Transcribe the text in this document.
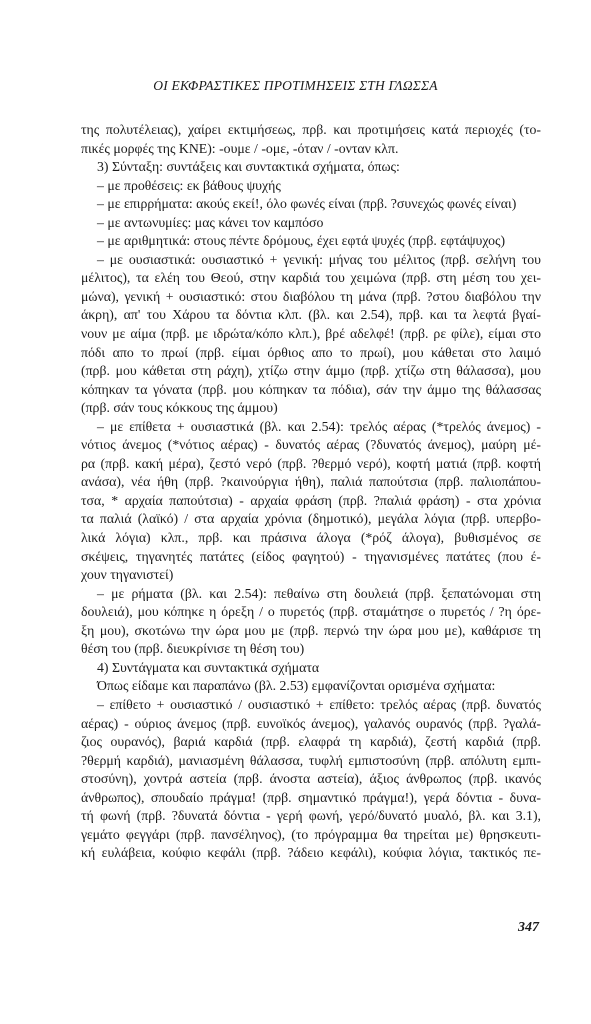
ΟΙ ΕΚΦΡΑΣΤΙΚΕΣ ΠΡΟΤΙΜΗΣΕΙΣ ΣΤΗ ΓΛΩΣΣΑ
της πολυτέλειας), χαίρει εκτιμήσεως, πρβ. και προτιμήσεις κατά περιοχές (το-
πικές μορφές της ΚΝΕ): -ουμε / -ομε, -όταν / -ονταν κλπ.
3) Σύνταξη: συντάξεις και συντακτικά σχήματα, όπως:
– με προθέσεις: εκ βάθους ψυχής
– με επιρρήματα: ακούς εκεί!, όλο φωνές είναι (πρβ. ?συνεχώς φωνές είναι)
– με αντωνυμίες: μας κάνει τον καμπόσο
– με αριθμητικά: στους πέντε δρόμους, έχει εφτά ψυχές (πρβ. εφτάψυχος)
– με ουσιαστικά: ουσιαστικό + γενική: μήνας του μέλιτος (πρβ. σελήνη του
μέλιτος), τα ελέη του Θεού, στην καρδιά του χειμώνα (πρβ. στη μέση του χει-
μώνα), γενική + ουσιαστικό: στου διαβόλου τη μάνα (πρβ. ?στου διαβόλου την
άκρη), απ' του Χάρου τα δόντια κλπ. (βλ. και 2.54), πρβ. και τα λεφτά βγαί-
νουν με αίμα (πρβ. με ιδρώτα/κόπο κλπ.), βρέ αδελφέ! (πρβ. ρε φίλε), είμαι στο
πόδι απο το πρωί (πρβ. είμαι όρθιος απο το πρωί), μου κάθεται στο λαιμό
(πρβ. μου κάθεται στη ράχη), χτίζω στην άμμο (πρβ. χτίζω στη θάλασσα), μου
κόπηκαν τα γόνατα (πρβ. μου κόπηκαν τα πόδια), σάν την άμμο της θάλασσας
(πρβ. σάν τους κόκκους της άμμου)
– με επίθετα + ουσιαστικά (βλ. και 2.54): τρελός αέρας (*τρελός άνεμος) -
νότιος άνεμος (*νότιος αέρας) - δυνατός αέρας (?δυνατός άνεμος), μαύρη μέ-
ρα (πρβ. κακή μέρα), ζεστό νερό (πρβ. ?θερμό νερό), κοφτή ματιά (πρβ. κοφτή
ανάσα), νέα ήθη (πρβ. ?καινούργια ήθη), παλιά παπούτσια (πρβ. παλιοπάπου-
τσα, * αρχαία παπούτσια) - αρχαία φράση (πρβ. ?παλιά φράση) - στα χρόνια
τα παλιά (λαϊκό) / στα αρχαία χρόνια (δημοτικό), μεγάλα λόγια (πρβ. υπερβο-
λικά λόγια) κλπ., πρβ. και πράσινα άλογα (*ρόζ άλογα), βυθισμένος σε
σκέψεις, τηγανητές πατάτες (είδος φαγητού) - τηγανισμένες πατάτες (που έ-
χουν τηγανιστεί)
– με ρήματα (βλ. και 2.54): πεθαίνω στη δουλειά (πρβ. ξεπατώνομαι στη
δουλειά), μου κόπηκε η όρεξη / ο πυρετός (πρβ. σταμάτησε ο πυρετός / ?η όρε-
ξη μου), σκοτώνω την ώρα μου με (πρβ. περνώ την ώρα μου με), καθάρισε τη
θέση του (πρβ. διευκρίνισε τη θέση του)
4) Συντάγματα και συντακτικά σχήματα
Όπως είδαμε και παραπάνω (βλ. 2.53) εμφανίζονται ορισμένα σχήματα:
– επίθετο + ουσιαστικό / ουσιαστικό + επίθετο: τρελός αέρας (πρβ. δυνατός
αέρας) - ούριος άνεμος (πρβ. ευνοϊκός άνεμος), γαλανός ουρανός (πρβ. ?γαλά-
ζιος ουρανός), βαριά καρδιά (πρβ. ελαφρά τη καρδιά), ζεστή καρδιά (πρβ.
?θερμή καρδιά), μανιασμένη θάλασσα, τυφλή εμπιστοσύνη (πρβ. απόλυτη εμπι-
στοσύνη), χοντρά αστεία (πρβ. άνοστα αστεία), άξιος άνθρωπος (πρβ. ικανός
άνθρωπος), σπουδαίο πράγμα! (πρβ. σημαντικό πράγμα!), γερά δόντια - δυνα-
τή φωνή (πρβ. ?δυνατά δόντια - γερή φωνή, γερό/δυνατό μυαλό, βλ. και 3.1),
γεμάτο φεγγάρι (πρβ. πανσέληνος), (το πρόγραμμα θα τηρείται με) θρησκευτι-
κή ευλάβεια, κούφιο κεφάλι (πρβ. ?άδειο κεφάλι), κούφια λόγια, τακτικός πε-
347
